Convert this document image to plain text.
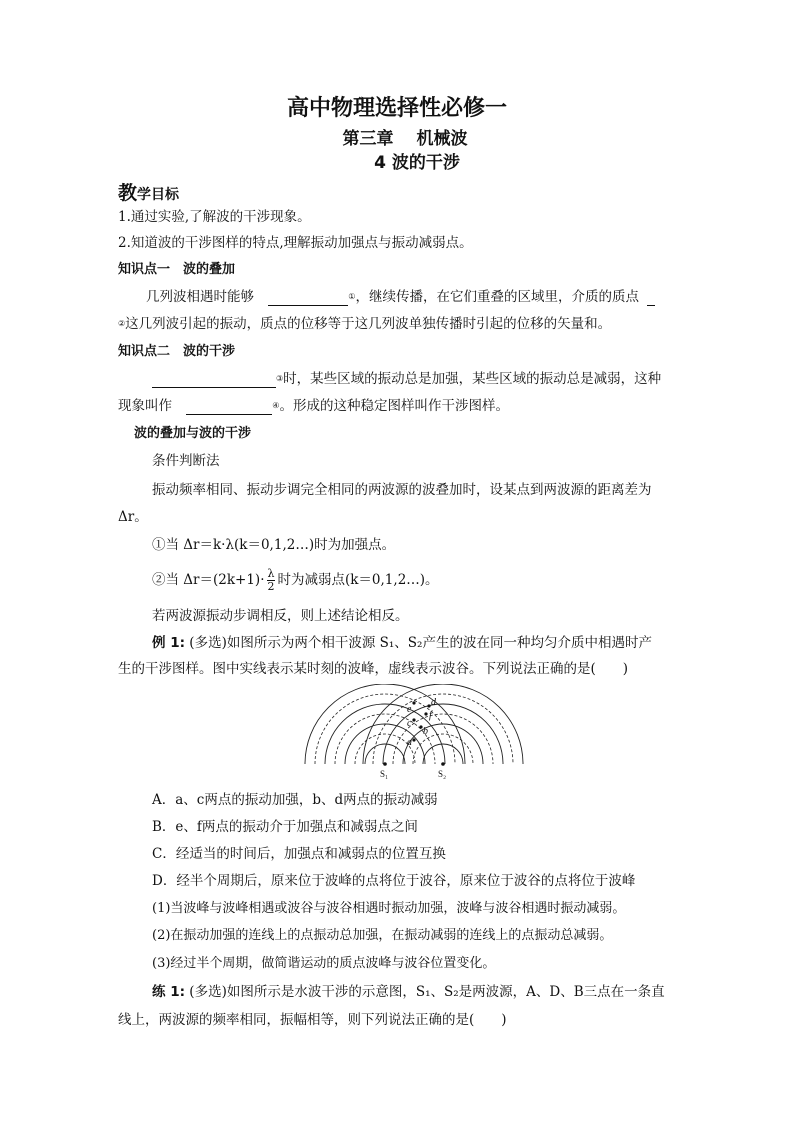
高中物理选择性必修一
第三章　 机械波
4 波的干涉
教学目标
1.通过实验,了解波的干涉现象。
2.知道波的干涉图样的特点,理解振动加强点与振动减弱点。
知识点一　波的叠加
几列波相遇时能够	①，继续传播，在它们重叠的区域里，介质的质点
②这几列波引起的振动，质点的位移等于这几列波单独传播时引起的位移的矢量和。
知识点二　波的干涉
③时，某些区域的振动总是加强，某些区域的振动总是减弱，这种
现象叫作	④。形成的这种稳定图样叫作干涉图样。
波的叠加与波的干涉
条件判断法
振动频率相同、振动步调完全相同的两波源的波叠加时，设某点到两波源的距离差为
Δr。
①当 Δr＝k·λ(k＝0,1,2…)时为加强点。
②当 $\Delta r=(2k+1)\cdot \frac{\lambda}{2}$ 时为减弱点(k＝0,1,2…)。
若两波源振动步调相反，则上述结论相反。
例 1: (多选)如图所示为两个相干波源 S₁、S₂产生的波在同一种均匀介质中相遇时产
生的干涉图样。图中实线表示某时刻的波峰，虚线表示波谷。下列说法正确的是(　　)
a
b
c
d
e
f
S₁	S₂
A．a、c两点的振动加强，b、d两点的振动减弱
B．e、f两点的振动介于加强点和减弱点之间
C．经适当的时间后，加强点和减弱点的位置互换
D．经半个周期后，原来位于波峰的点将位于波谷，原来位于波谷的点将位于波峰
(1)当波峰与波峰相遇或波谷与波谷相遇时振动加强，波峰与波谷相遇时振动减弱。
(2)在振动加强的连线上的点振动总加强，在振动减弱的连线上的点振动总减弱。
(3)经过半个周期，做简谐运动的质点波峰与波谷位置变化。
练 1: (多选)如图所示是水波干涉的示意图，S₁、S₂是两波源，A、D、B三点在一条直
线上，两波源的频率相同，振幅相等，则下列说法正确的是(　　)
